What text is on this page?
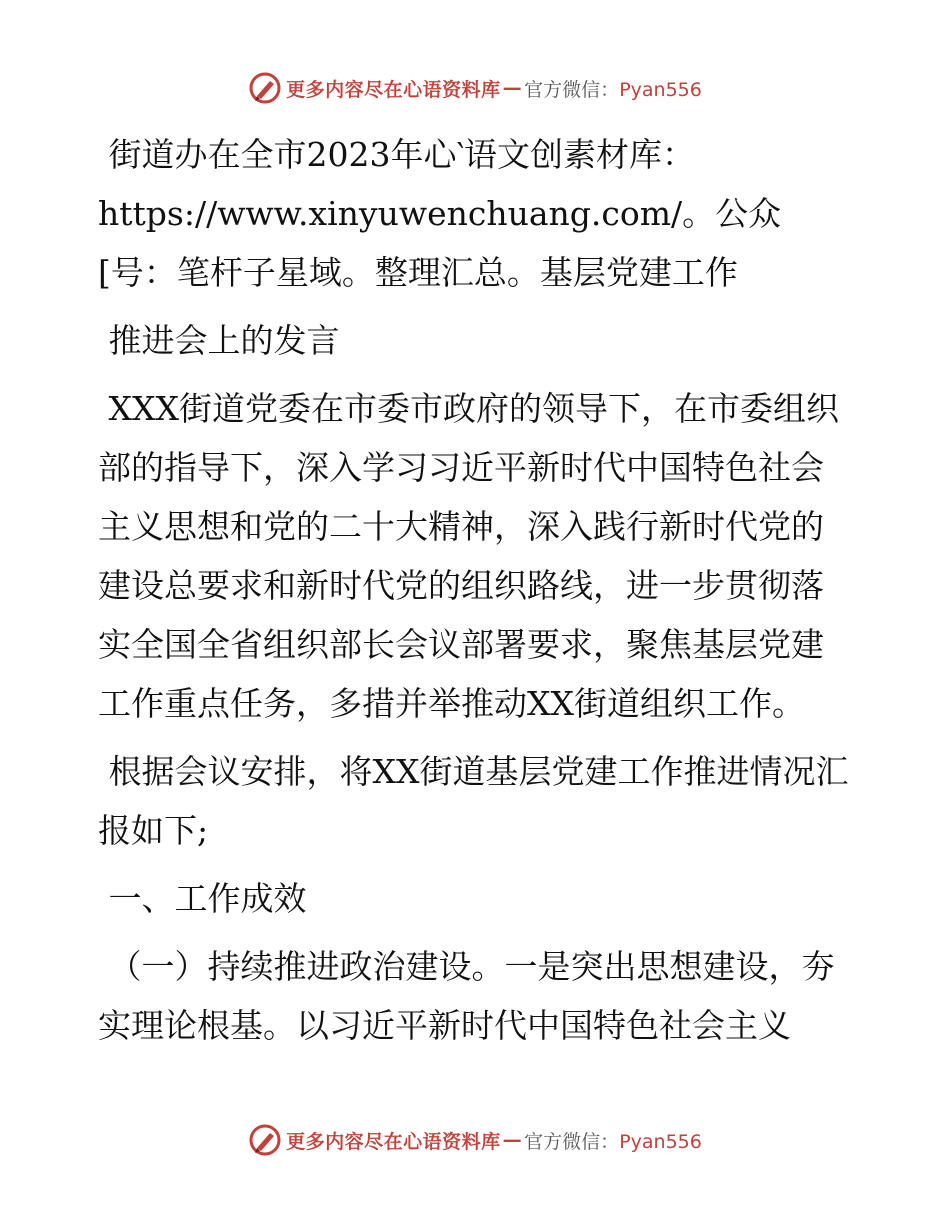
更多内容尽在心语资料库 — 官方微信：Pyan556

街道办在全市2023年心‵语文创素材库：https://www.xinyuwenchuang.com/。公众[号：笔杆子星域。整理汇总。基层党建工作

推进会上的发言

XXX街道党委在市委市政府的领导下，在市委组织部的指导下，深入学习习近平新时代中国特色社会主义思想和党的二十大精神，深入践行新时代党的建设总要求和新时代党的组织路线，进一步贯彻落实全国全省组织部长会议部署要求，聚焦基层党建工作重点任务，多措并举推动XX街道组织工作。

根据会议安排，将XX街道基层党建工作推进情况汇报如下;

一、工作成效

（一）持续推进政治建设。一是突出思想建设，夯实理论根基。以习近平新时代中国特色社会主义

更多内容尽在心语资料库 — 官方微信：Pyan556
